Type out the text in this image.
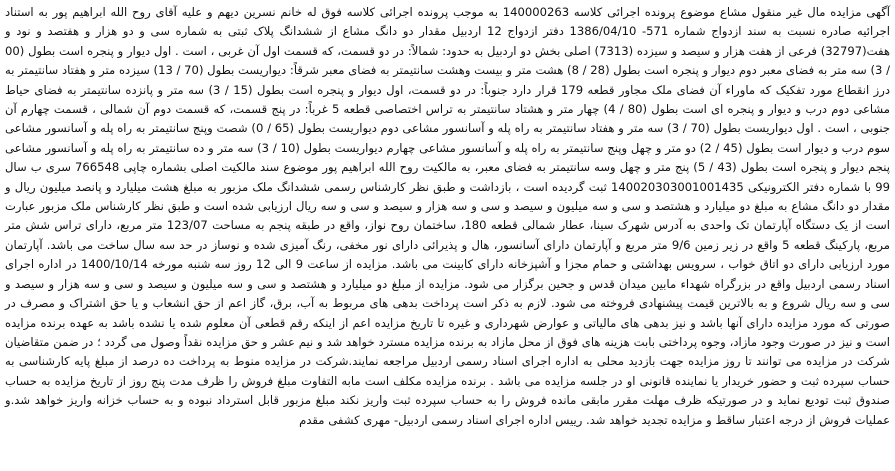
آگهی مزایده مال غیر منقول مشاع موضوع پرونده اجرائی کلاسه 140000263 به موجب پرونده اجرائی کلاسه فوق له خانم نسرین دیهم و علیه آقای روح الله ابراهیم پور به استناد اجرائیه صادره نسبت به سند ازدواج شماره 571- 1386/04/10 دفتر ازدواج 12 اردبیل مقدار دو دانگ مشاع از ششدانگ پلاک ثبتی به شماره سی و دو هزار و هفتصد و نود و هفت(32797) فرعی از هفت هزار و سیصد و سیزده (7313) اصلی بخش دو اردبیل به حدود: شمالاً: در دو قسمت، که قسمت اول آن غربی ، است . اول دیوار و پنجره است بطول (00 / 3) سه متر به فضای معبر دوم دیوار و پنجره است بطول (28 / 8) هشت متر و بیست وهشت سانتیمتر به فضای معبر شرقاً: دیواریست بطول (70 / 13) سیزده متر و هفتاد سانتیمتر به درز انقطاع مورد تفکیک که ماوراء آن فضای ملک مجاور قطعه 179 قرار دارد جنوباً: در دو قسمت، اول دیوار و پنجره است بطول (15 / 3) سه متر و پانزده سانتیمتر به فضای حیاط مشاعی دوم درب و دیوار و پنجره ای است بطول (80 / 4) چهار متر و هشتاد سانتیمتر به تراس اختصاصی قطعه 5 غرباً: در پنج قسمت، که قسمت دوم آن شمالی ، قسمت چهارم آن جنوبی ، است . اول دیواریست بطول (70 / 3) سه متر و هفتاد سانتیمتر به راه پله و آسانسور مشاعی دوم دیواریست بطول (65 / 0) شصت وپنج سانتیمتر به راه پله و آسانسور مشاعی سوم درب و دیوار است بطول (45 / 2) دو متر و چهل وپنج سانتیمتر به راه پله و آسانسور مشاعی چهارم دیواریست بطول (10 / 3) سه متر و ده سانتیمتر به راه پله و آسانسور مشاعی پنجم دیوار و پنجره است بطول (43 / 5) پنج متر و چهل وسه سانتیمتر به فضای معبر، به مالکیت روح الله ابراهیم پور موضوع سند مالکیت اصلی بشماره چاپی 766548 سری ب سال 99 با شماره دفتر الکترونیکی 140020303001001435 ثبت گردیده است ، بازداشت و طبق نظر کارشناس رسمی ششدانگ ملک مزبور به مبلغ هشت میلیارد و پانصد میلیون ریال و مقدار دو دانگ مشاع به مبلغ دو میلیارد و هشتصد و سی و سه میلیون و سیصد و سی و سه هزار و سیصد و سی و سه ریال ارزیابی شده است و طبق نظر کارشناس ملک مزبور عبارت است از یک دستگاه آپارتمان تک واحدی به آدرس شهرک سینا، عطار شمالی قطعه 180، ساختمان روح نواز، واقع در طبقه پنجم به مساحت 123/07 متر مربع، دارای تراس شش متر مربع، پارکینگ قطعه 5 واقع در زیر زمین 9/6 متر مربع و آپارتمان دارای آسانسور، هال و پذیرائی دارای نور مخفی، رنگ آمیزی شده و نوساز در حد سه سال ساخت می باشد. آپارتمان مورد ارزیابی دارای دو اتاق خواب ، سرویس بهداشتی و حمام مجزا و آشپزخانه دارای کابینت می باشد. مزایده از ساعت 9 الی 12 روز سه شنبه مورخه 1400/10/14 در اداره اجرای اسناد رسمی اردبیل واقع در بزرگراه شهداء مابین میدان قدس و جحین برگزار می شود. مزایده از مبلغ دو میلیارد و هشتصد و سی و سه میلیون و سیصد و سی و سه هزار و سیصد و سی و سه ریال شروع و به بالاترین قیمت پیشنهادی فروخته می شود. لازم به ذکر است پرداخت بدهی های مربوط به آب، برق، گاز اعم از حق انشعاب و یا حق اشتراک و مصرف در صورتی که مورد مزایده دارای آنها باشد و نیز بدهی های مالیاتی و عوارض شهرداری و غیره تا تاریخ مزایده اعم از اینکه رقم قطعی آن معلوم شده یا نشده باشد به عهده برنده مزایده است و نیز در صورت وجود مازاد، وجوه پرداختی بابت هزینه های فوق از محل مازاد به برنده مزایده مسترد خواهد شد و نیم عشر و حق مزایده نقداً وصول می گردد ؛ در ضمن متقاضیان شرکت در مزایده می توانند تا روز مزایده جهت بازدید محلی به اداره اجرای اسناد رسمی اردبیل مراجعه نمایند.شرکت در مزایده منوط به پرداخت ده درصد از مبلغ پایه کارشناسی به حساب سپرده ثبت و حضور خریدار یا نماینده قانونی او در جلسه مزایده می باشد . برنده مزایده مکلف است مابه التفاوت مبلغ فروش را ظرف مدت پنج روز از تاریخ مزایده به حساب صندوق ثبت تودیع نماید و در صورتیکه ظرف مهلت مقرر مابقی مانده فروش را به حساب سپرده ثبت واریز نکند مبلغ مزبور قابل استرداد نبوده و به حساب خزانه واریز خواهد شد.و عملیات فروش از درجه اعتبار ساقط و مزایده تجدید خواهد شد. رییس اداره اجرای اسناد رسمی اردبیل- مهری کشفی مقدم
